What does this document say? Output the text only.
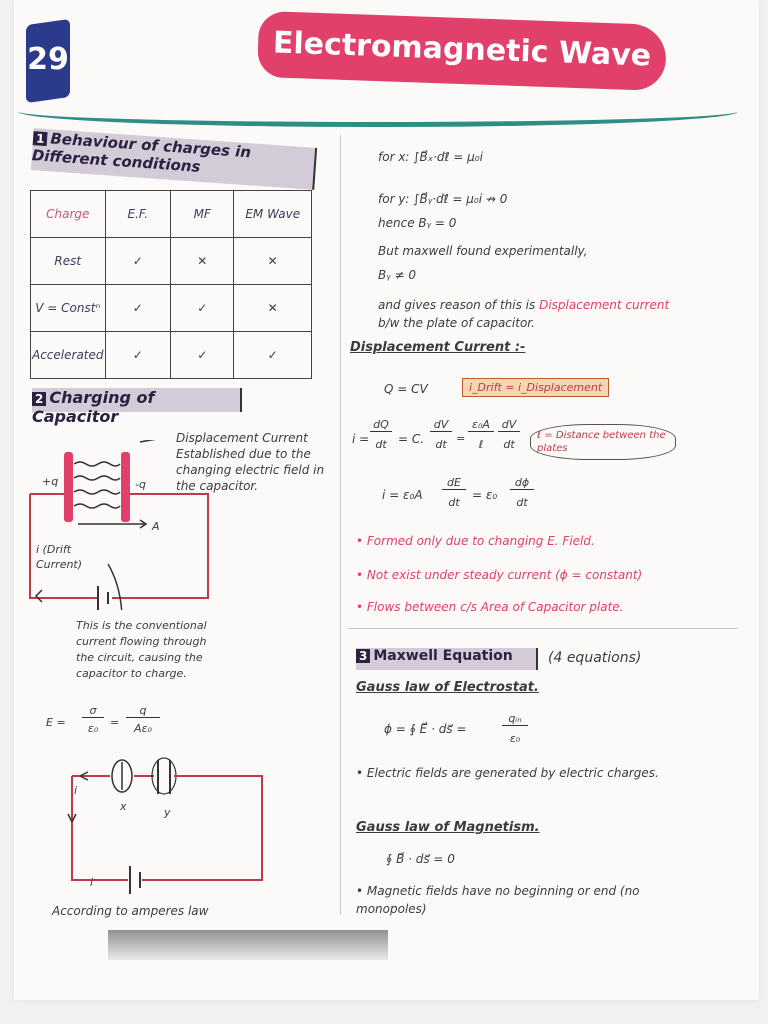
29	Electromagnetic Wave
1 Behaviour of charges in Different conditions
Charge	E.F.	MF	EM Wave
Rest	✓	✕	✕
V = Constⁿ	✓	✓	✕
Accelerated	✓	✓	✓
2 Charging of Capacitor
Displacement Current Established due to the changing electric field in the capacitor.
+q	-q
A
i (Drift Current)
This is the conventional current flowing through the circuit, causing the capacitor to charge.
E =
σ
ε₀	=
q
Aε₀
i
i
x	y
According to amperes law
for x: ∫B⃗ₓ·dℓ⃗ = μ₀i
for y: ∫B⃗ᵧ·dℓ⃗ = μ₀i ↛ 0
hence Bᵧ = 0
But maxwell found experimentally,
Bᵧ ≠ 0
and gives reason of this is Displacement current b/w the plate of capacitor.
Displacement Current :-
Q = CV	i_Drift = i_Displacement
i =
dQ
dt = C.
dV
dt =
ε₀A
ℓ
dV
dt
ℓ = Distance between the plates
i = ε₀A
dE
dt
= ε₀
dϕ
dt
• Formed only due to changing E. Field.
• Not exist under steady current (ϕ = constant)
• Flows between c/s Area of Capacitor plate.
3 Maxwell Equation	(4 equations)
Gauss law of Electrostat.
ϕ = ∮ E⃗ · ds⃗ =
qᵢₙ
ε₀
• Electric fields are generated by electric charges.
Gauss law of Magnetism.
∮ B⃗ · ds⃗ = 0
• Magnetic fields have no beginning or end (no monopoles)
